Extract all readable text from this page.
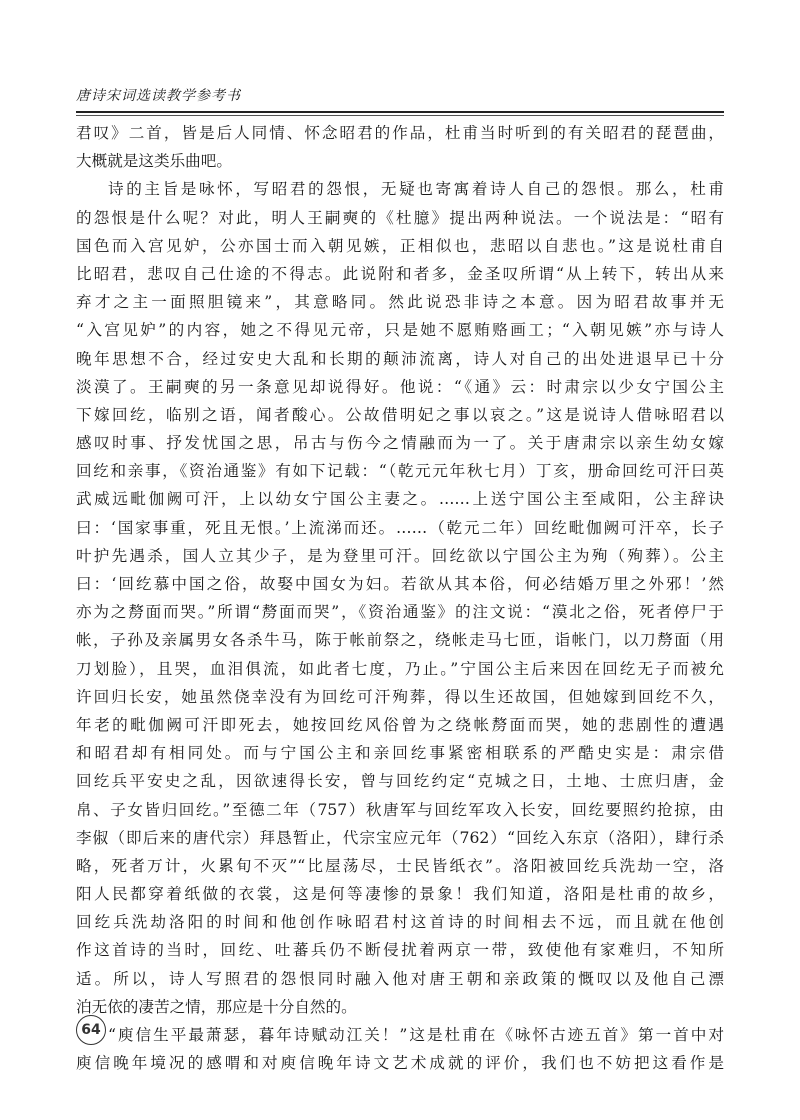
唐诗宋词选读教学参考书
君叹》二首，皆是后人同情、怀念昭君的作品，杜甫当时听到的有关昭君的琵琶曲，
大概就是这类乐曲吧。
诗的主旨是咏怀，写昭君的怨恨，无疑也寄寓着诗人自己的怨恨。那么，杜甫
的怨恨是什么呢？对此，明人王嗣奭的《杜臆》提出两种说法。一个说法是：“昭有
国色而入宫见妒，公亦国士而入朝见嫉，正相似也，悲昭以自悲也。”这是说杜甫自
比昭君，悲叹自己仕途的不得志。此说附和者多，金圣叹所谓“从上转下，转出从来
弃才之主一面照胆镜来”，其意略同。然此说恐非诗之本意。因为昭君故事并无
“入宫见妒”的内容，她之不得见元帝，只是她不愿贿赂画工；“入朝见嫉”亦与诗人
晚年思想不合，经过安史大乱和长期的颠沛流离，诗人对自己的出处进退早已十分
淡漠了。王嗣奭的另一条意见却说得好。他说：“《通》云：时肃宗以少女宁国公主
下嫁回纥，临别之语，闻者酸心。公故借明妃之事以哀之。”这是说诗人借咏昭君以
感叹时事、抒发忧国之思，吊古与伤今之情融而为一了。关于唐肃宗以亲生幼女嫁
回纥和亲事，《资治通鉴》有如下记载：“（乾元元年秋七月）丁亥，册命回纥可汗曰英
武威远毗伽阙可汗，上以幼女宁国公主妻之。……上送宁国公主至咸阳，公主辞诀
曰：‘国家事重，死且无恨。’上流涕而还。……（乾元二年）回纥毗伽阙可汗卒，长子
叶护先遇杀，国人立其少子，是为登里可汗。回纥欲以宁国公主为殉（殉葬）。公主
曰：‘回纥慕中国之俗，故娶中国女为妇。若欲从其本俗，何必结婚万里之外邪！’然
亦为之剺面而哭。”所谓“剺面而哭”，《资治通鉴》的注文说：“漠北之俗，死者停尸于
帐，子孙及亲属男女各杀牛马，陈于帐前祭之，绕帐走马七匝，诣帐门，以刀剺面（用
刀划脸），且哭，血泪俱流，如此者七度，乃止。”宁国公主后来因在回纥无子而被允
许回归长安，她虽然侥幸没有为回纥可汗殉葬，得以生还故国，但她嫁到回纥不久，
年老的毗伽阙可汗即死去，她按回纥风俗曾为之绕帐剺面而哭，她的悲剧性的遭遇
和昭君却有相同处。而与宁国公主和亲回纥事紧密相联系的严酷史实是：肃宗借
回纥兵平安史之乱，因欲速得长安，曾与回纥约定“克城之日，土地、士庶归唐，金
帛、子女皆归回纥。”至德二年（757）秋唐军与回纥军攻入长安，回纥要照约抢掠，由
李俶（即后来的唐代宗）拜恳暂止，代宗宝应元年（762）“回纥入东京（洛阳），肆行杀
略，死者万计，火累旬不灭”“比屋荡尽，士民皆纸衣”。洛阳被回纥兵洗劫一空，洛
阳人民都穿着纸做的衣裳，这是何等凄惨的景象！我们知道，洛阳是杜甫的故乡，
回纥兵洗劫洛阳的时间和他创作咏昭君村这首诗的时间相去不远，而且就在他创
作这首诗的当时，回纥、吐蕃兵仍不断侵扰着两京一带，致使他有家难归，不知所
适。所以，诗人写照君的怨恨同时融入他对唐王朝和亲政策的慨叹以及他自己漂
泊无依的凄苦之情，那应是十分自然的。
“庾信生平最萧瑟，暮年诗赋动江关！”这是杜甫在《咏怀古迹五首》第一首中对
庾信晚年境况的感喟和对庾信晚年诗文艺术成就的评价，我们也不妨把这看作是
64
